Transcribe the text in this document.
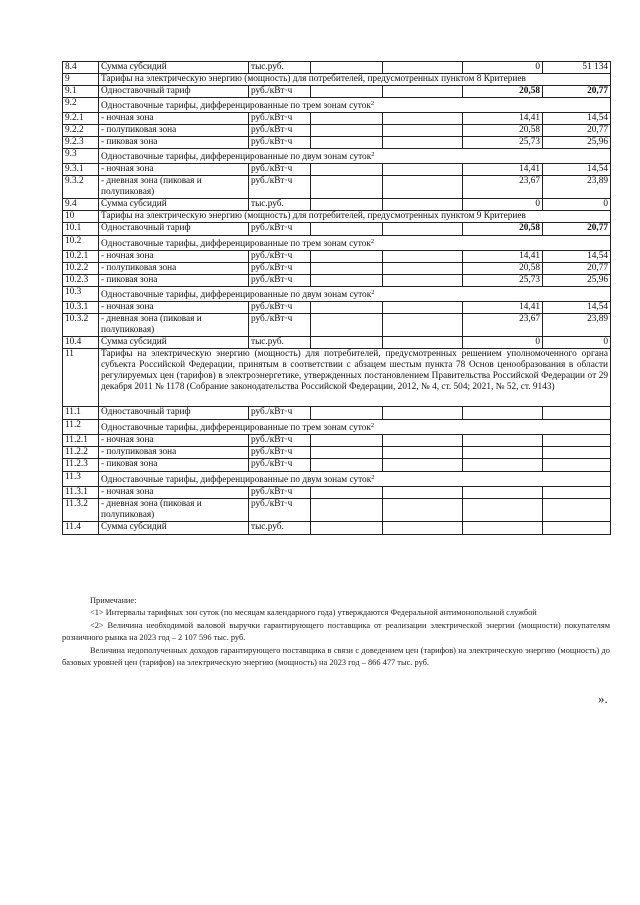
8.4	Сумма субсидий	тыс.руб.			0	51 134
9	Тарифы на электрическую энергию (мощность) для потребителей, предусмотренных пунктом 8 Критериев					
9.1	Одноставочный тариф	руб./кВт·ч			20,58	20,77
9.2	Одноставочные тарифы, дифференцированные по трем зонам суток$^2$
9.2.1	- ночная зона	руб./кВт·ч			14,41	14,54
9.2.2	- полупиковая зона	руб./кВт·ч			20,58	20,77
9.2.3	- пиковая зона	руб./кВт·ч			25,73	25,96
9.3	Одноставочные тарифы, дифференцированные по двум зонам суток$^2$
9.3.1	- ночная зона	руб./кВт·ч			14,41	14,54
9.3.2	- дневная зона (пиковая и полупиковая)	руб./кВт·ч			23,67	23,89
9.4	Сумма субсидий	тыс.руб.			0	0
10	Тарифы на электрическую энергию (мощность) для потребителей, предусмотренных пунктом 9 Критериев					
10.1	Одноставочный тариф	руб./кВт·ч			20,58	20,77
10.2	Одноставочные тарифы, дифференцированные по трем зонам суток$^2$
10.2.1	- ночная зона	руб./кВт·ч			14,41	14,54
10.2.2	- полупиковая зона	руб./кВт·ч			20,58	20,77
10.2.3	- пиковая зона	руб./кВт·ч			25,73	25,96
10.3	Одноставочные тарифы, дифференцированные по двум зонам суток$^2$
10.3.1	- ночная зона	руб./кВт·ч			14,41	14,54
10.3.2	- дневная зона (пиковая и полупиковая)	руб./кВт·ч			23,67	23,89
10.4	Сумма субсидий	тыс.руб.			0	0
11	Тарифы на электрическую энергию (мощность) для потребителей, предусмотренных решением уполномоченного органа субъекта Российской Федерации, принятым в соответствии с абзацем шестым пункта 78 Основ ценообразования в области регулируемых цен (тарифов) в электроэнергетике, утвержденных постановлением Правительства Российской Федерации от 29 декабря 2011 № 1178 (Собрание законодательства Российской Федерации, 2012, № 4, ст. 504; 2021, № 52, ст. 9143)					
11.1	Одноставочный тариф	руб./кВт·ч				
11.2	Одноставочные тарифы, дифференцированные по трем зонам суток$^2$
11.2.1	- ночная зона	руб./кВт·ч				
11.2.2	- полупиковая зона	руб./кВт·ч				
11.2.3	- пиковая зона	руб./кВт·ч				
11.3	Одноставочные тарифы, дифференцированные по двум зонам суток$^2$
11.3.1	- ночная зона	руб./кВт·ч				
11.3.2	- дневная зона (пиковая и полупиковая)	руб./кВт·ч				
11.4	Сумма субсидий	тыс.руб.				

Примечание:

<1> Интервалы тарифных зон суток (по месяцам календарного года) утверждаются Федеральной антимонопольной службой

<2> Величина необходимой валовой выручки гарантирующего поставщика от реализации электрической энергии (мощности) покупателям розничного рынка на 2023 год – 2 107 596 тыс. руб.

Величина недополученных доходов гарантирующего поставщика в связи с доведением цен (тарифов) на электрическую энергию (мощность) до базовых уровней цен (тарифов) на электрическую энергию (мощность) на 2023 год – 866 477 тыс. руб.

».
